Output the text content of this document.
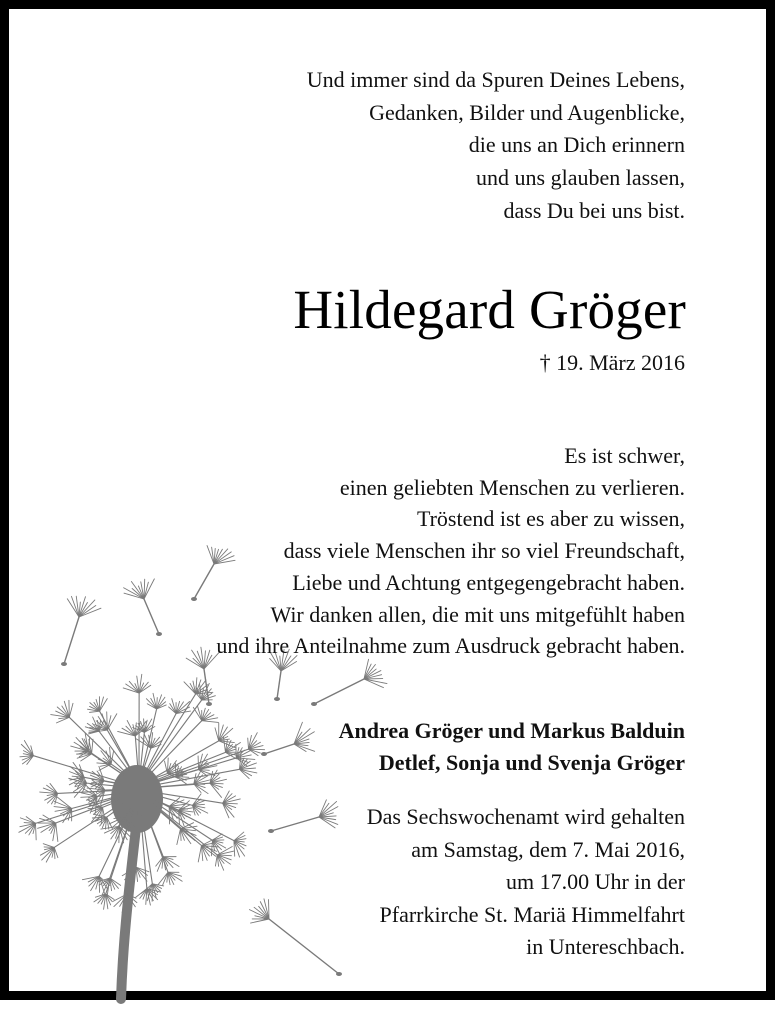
Und immer sind da Spuren Deines Lebens,
Gedanken, Bilder und Augenblicke,
die uns an Dich erinnern
und uns glauben lassen,
dass Du bei uns bist.
Hildegard Gröger
† 19. März 2016
Es ist schwer,
einen geliebten Menschen zu verlieren.
Tröstend ist es aber zu wissen,
dass viele Menschen ihr so viel Freundschaft,
Liebe und Achtung entgegengebracht haben.
Wir danken allen, die mit uns mitgefühlt haben
und ihre Anteilnahme zum Ausdruck gebracht haben.
Andrea Gröger und Markus Balduin
Detlef, Sonja und Svenja Gröger
Das Sechswochenamt wird gehalten
am Samstag, dem 7. Mai 2016,
um 17.00 Uhr in der
Pfarrkirche St. Mariä Himmelfahrt
in Untereschbach.
